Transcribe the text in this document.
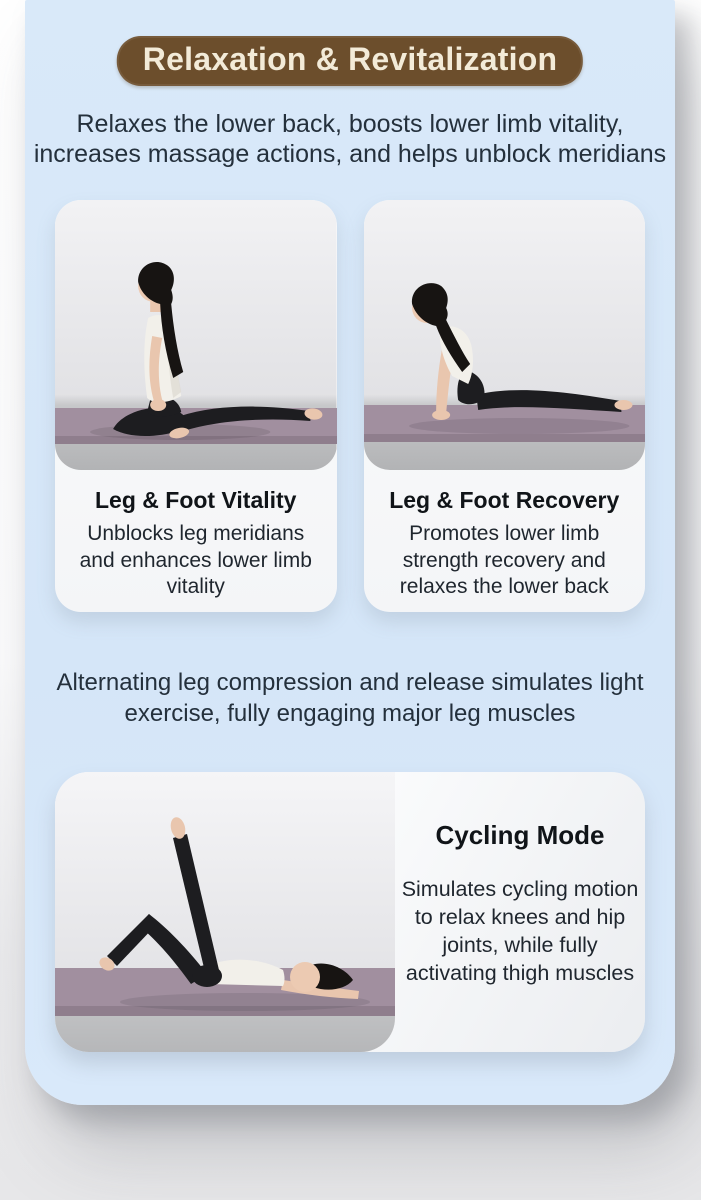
Relaxation & Revitalization
Relaxes the lower back, boosts lower limb vitality, increases massage actions, and helps unblock meridians
Leg & Foot Vitality
Unblocks leg meridians and enhances lower limb vitality
Leg & Foot Recovery
Promotes lower limb strength recovery and relaxes the lower back
Alternating leg compression and release simulates light exercise, fully engaging major leg muscles
Cycling Mode
Simulates cycling motion to relax knees and hip joints, while fully activating thigh muscles
